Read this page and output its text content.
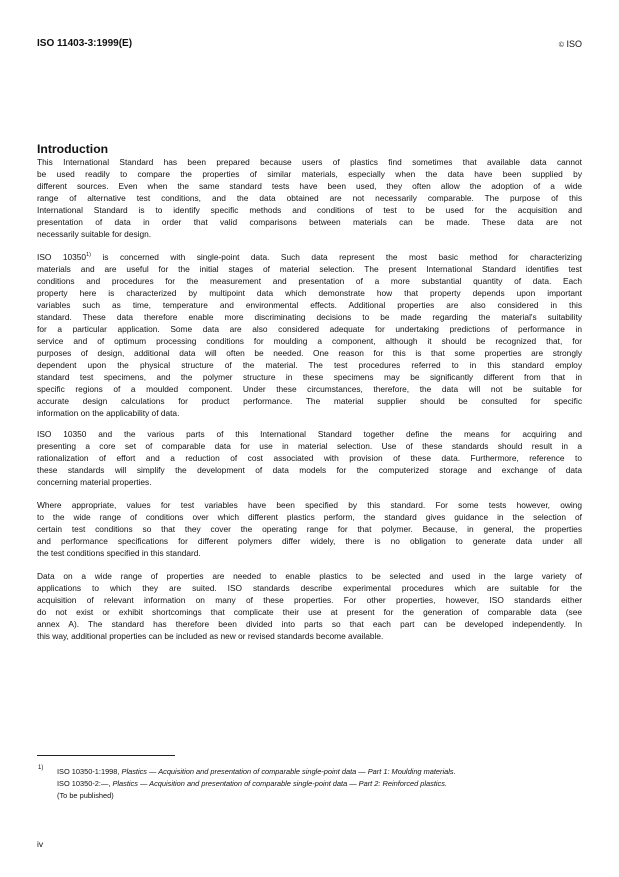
ISO 11403-3:1999(E)	© ISO
Introduction
This International Standard has been prepared because users of plastics find sometimes that available data cannot
be used readily to compare the properties of similar materials, especially when the data have been supplied by
different sources. Even when the same standard tests have been used, they often allow the adoption of a wide
range of alternative test conditions, and the data obtained are not necessarily comparable. The purpose of this
International Standard is to identify specific methods and conditions of test to be used for the acquisition and
presentation of data in order that valid comparisons between materials can be made. These data are not
necessarily suitable for design.
ISO 10350$^{1)}$ is concerned with single-point data. Such data represent the most basic method for characterizing
materials and are useful for the initial stages of material selection. The present International Standard identifies test
conditions and procedures for the measurement and presentation of a more substantial quantity of data. Each
property here is characterized by multipoint data which demonstrate how that property depends upon important
variables such as time, temperature and environmental effects. Additional properties are also considered in this
standard. These data therefore enable more discriminating decisions to be made regarding the material's suitability
for a particular application. Some data are also considered adequate for undertaking predictions of performance in
service and of optimum processing conditions for moulding a component, although it should be recognized that, for
purposes of design, additional data will often be needed. One reason for this is that some properties are strongly
dependent upon the physical structure of the material. The test procedures referred to in this standard employ
standard test specimens, and the polymer structure in these specimens may be significantly different from that in
specific regions of a moulded component. Under these circumstances, therefore, the data will not be suitable for
accurate design calculations for product performance. The material supplier should be consulted for specific
information on the applicability of data.
ISO 10350 and the various parts of this International Standard together define the means for acquiring and
presenting a core set of comparable data for use in material selection. Use of these standards should result in a
rationalization of effort and a reduction of cost associated with provision of these data. Furthermore, reference to
these standards will simplify the development of data models for the computerized storage and exchange of data
concerning material properties.
Where appropriate, values for test variables have been specified by this standard. For some tests however, owing
to the wide range of conditions over which different plastics perform, the standard gives guidance in the selection of
certain test conditions so that they cover the operating range for that polymer. Because, in general, the properties
and performance specifications for different polymers differ widely, there is no obligation to generate data under all
the test conditions specified in this standard.
Data on a wide range of properties are needed to enable plastics to be selected and used in the large variety of
applications to which they are suited. ISO standards describe experimental procedures which are suitable for the
acquisition of relevant information on many of these properties. For other properties, however, ISO standards either
do not exist or exhibit shortcomings that complicate their use at present for the generation of comparable data (see
annex A). The standard has therefore been divided into parts so that each part can be developed independently. In
this way, additional properties can be included as new or revised standards become available.
1) ISO 10350-1:1998, Plastics — Acquisition and presentation of comparable single-point data — Part 1: Moulding materials.
ISO 10350-2:—, Plastics — Acquisition and presentation of comparable single-point data — Part 2: Reinforced plastics.
(To be published)
iv
